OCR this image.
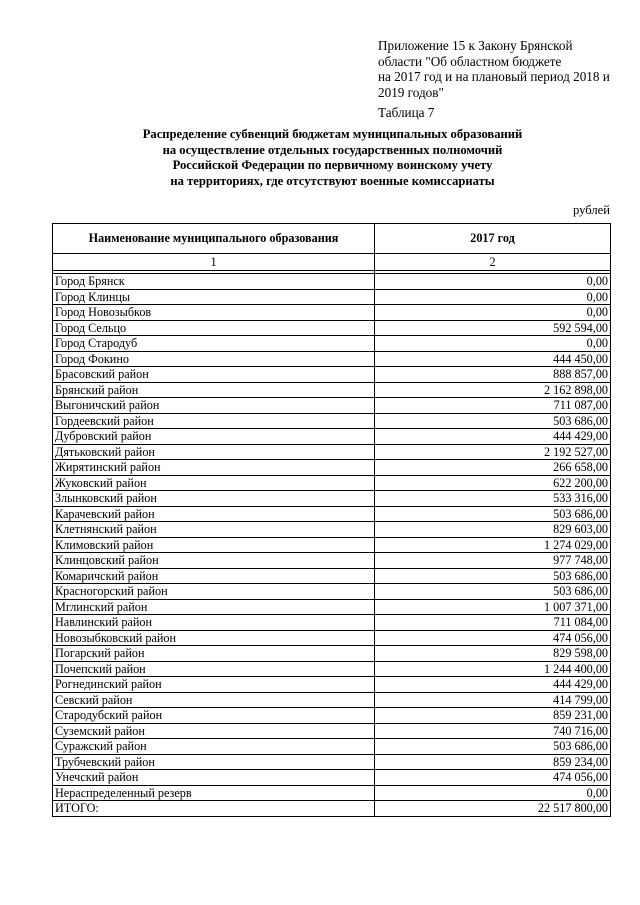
Приложение 15 к Закону Брянской
области "Об областном бюджете
на 2017 год и на плановый период 2018 и
2019 годов"
Таблица 7
Распределение субвенций бюджетам муниципальных образований
на осуществление отдельных государственных полномочий
Российской Федерации по первичному воинскому учету
на территориях, где отсутствуют военные комиссариаты
рублей
Наименование муниципального образования	2017 год
1	2

Город Брянск	0,00
Город Клинцы	0,00
Город Новозыбков	0,00
Город Сельцо	592 594,00
Город Стародуб	0,00
Город Фокино	444 450,00
Брасовский район	888 857,00
Брянский район	2 162 898,00
Выгоничский район	711 087,00
Гордеевский район	503 686,00
Дубровский район	444 429,00
Дятьковский район	2 192 527,00
Жирятинский район	266 658,00
Жуковский район	622 200,00
Злынковский район	533 316,00
Карачевский район	503 686,00
Клетнянский район	829 603,00
Климовский район	1 274 029,00
Клинцовский район	977 748,00
Комаричский район	503 686,00
Красногорский район	503 686,00
Мглинский район	1 007 371,00
Навлинский район	711 084,00
Новозыбковский район	474 056,00
Погарский район	829 598,00
Почепский район	1 244 400,00
Рогнединский район	444 429,00
Севский район	414 799,00
Стародубский район	859 231,00
Суземский район	740 716,00
Суражский район	503 686,00
Трубчевский район	859 234,00
Унечский район	474 056,00
Нераспределенный резерв	0,00
ИТОГО:	22 517 800,00
